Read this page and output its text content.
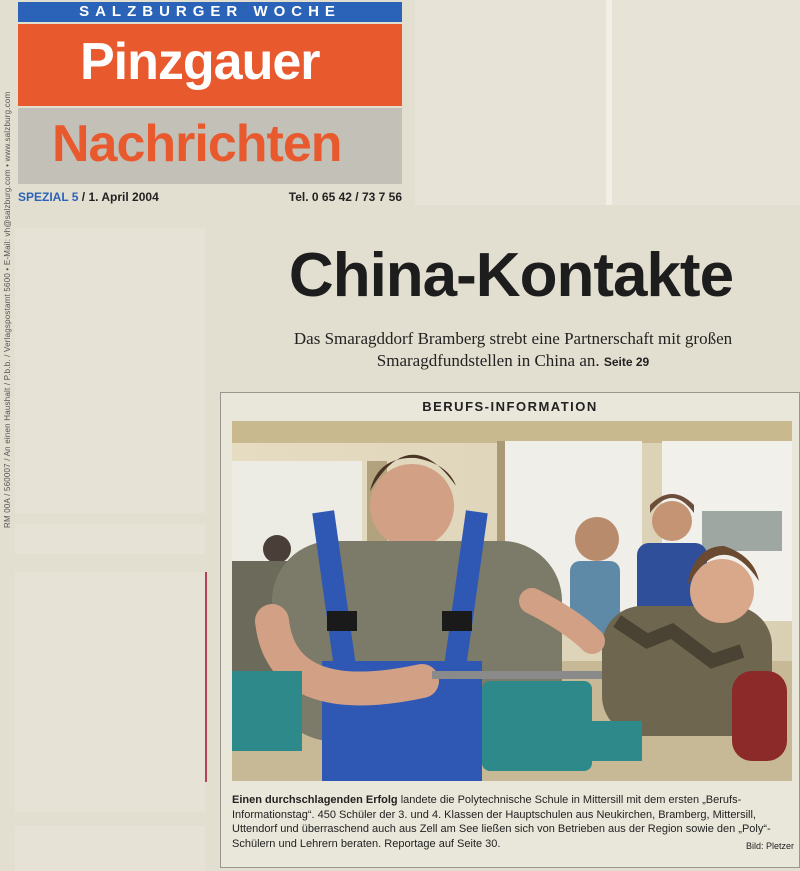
RM 00A / 560007 / An einen Haushalt / P.b.b. / Verlagspostamt 5600 • E-Mail: vh@salzburg.com • www.salzburg.com
SALZBURGER WOCHE
Pinzgauer
Nachrichten
SPEZIAL 5 / 1. April 2004	Tel. 0 65 42 / 73 7 56
China-Kontakte
Das Smaragddorf Bramberg strebt eine Partnerschaft mit großen Smaragdfundstellen in China an. Seite 29
BERUFS-INFORMATION
Einen durchschlagenden Erfolg landete die Polytechnische Schule in Mittersill mit dem ersten „Berufs-Informationstag“. 450 Schüler der 3. und 4. Klassen der Hauptschulen aus Neukirchen, Bramberg, Mittersill, Uttendorf und überraschend auch aus Zell am See ließen sich von Betrieben aus der Region sowie den „Poly“-Schülern und Lehrern beraten. Reportage auf Seite 30.	Bild: Pletzer
